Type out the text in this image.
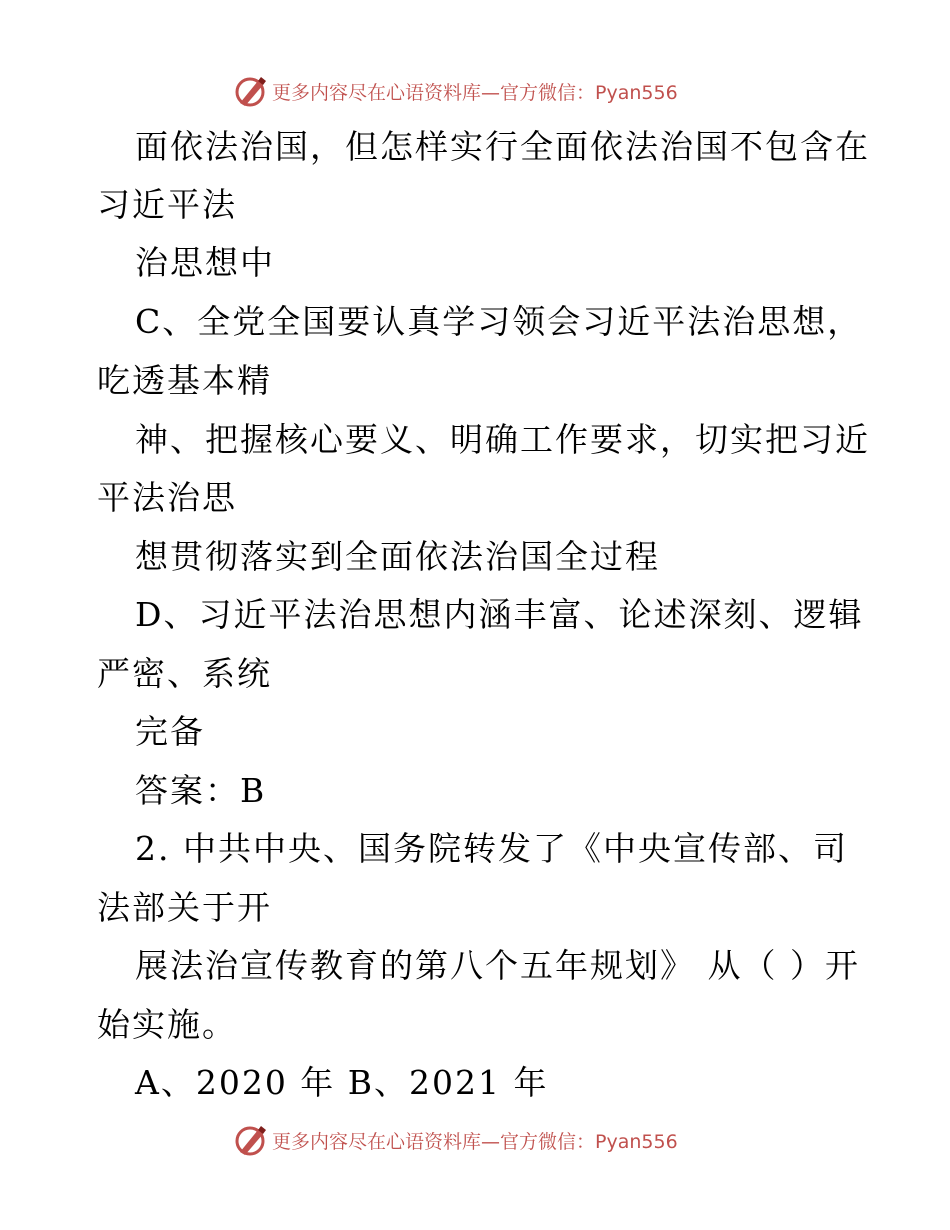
更多内容尽在心语资料库—官方微信：Pyan556
面依法治国，但怎样实行全面依法治国不包含在
习近平法
治思想中
C、全党全国要认真学习领会习近平法治思想，
吃透基本精
神、把握核心要义、明确工作要求，切实把习近
平法治思
想贯彻落实到全面依法治国全过程
D、习近平法治思想内涵丰富、论述深刻、逻辑
严密、系统
完备
答案：B
2. 中共中央、国务院转发了《中央宣传部、司
法部关于开
展法治宣传教育的第八个五年规划》 从（ ）开
始实施。
A、2020 年 B、2021 年
更多内容尽在心语资料库—官方微信：Pyan556
